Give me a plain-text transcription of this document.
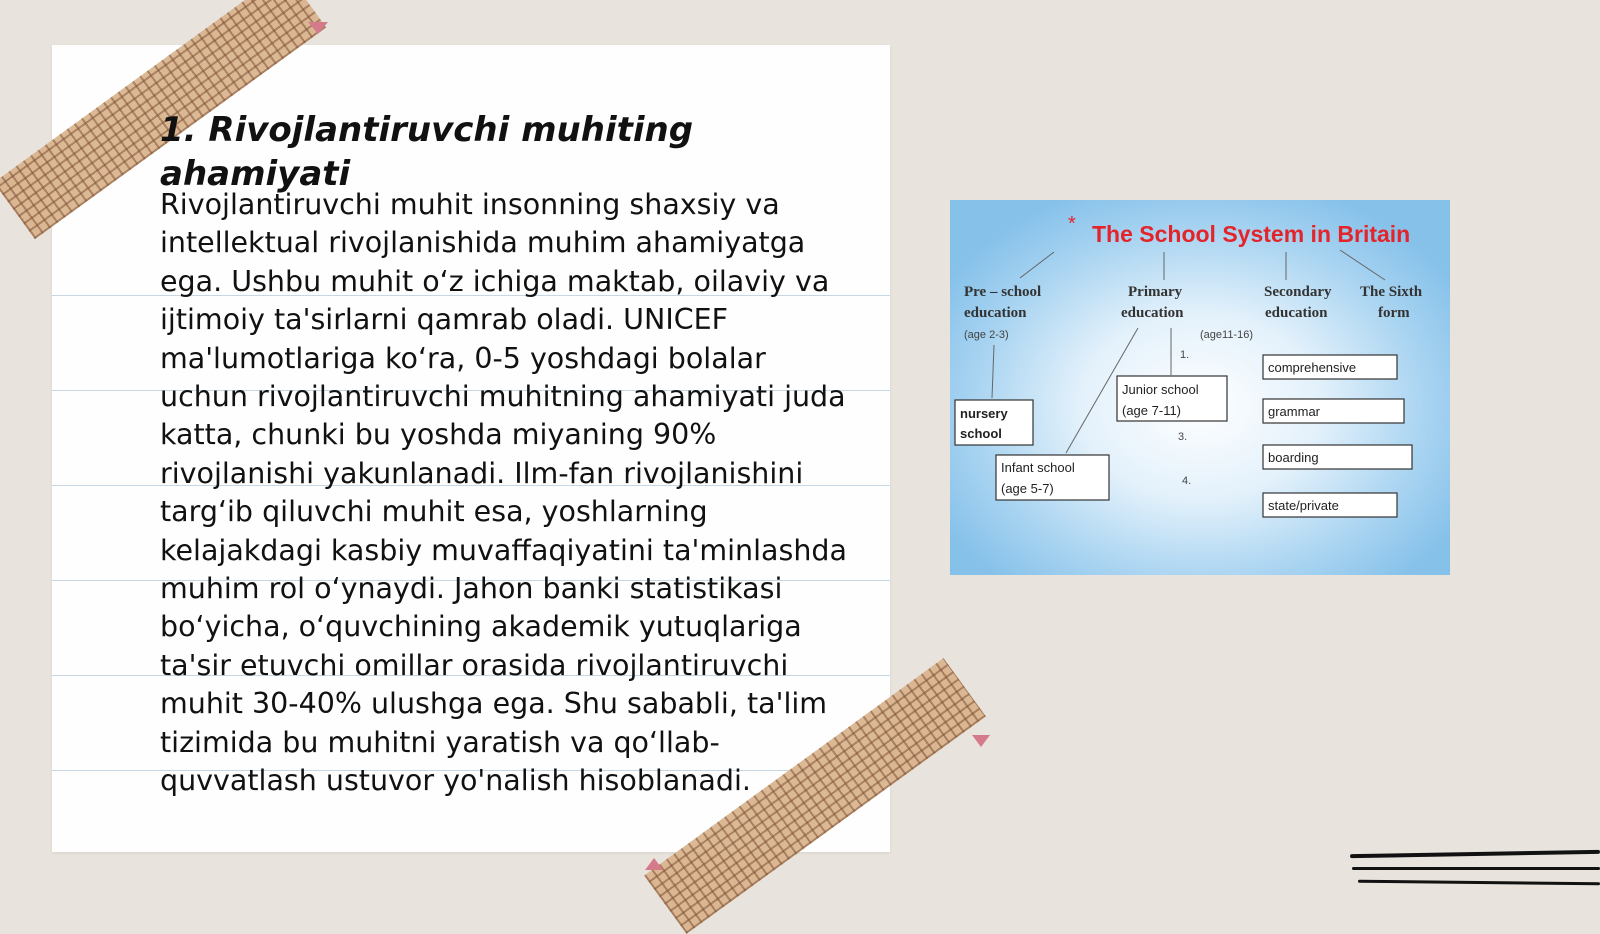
1. Rivojlantiruvchi muhiting ahamiyati

Rivojlantiruvchi muhit insonning shaxsiy va intellektual rivojlanishida muhim ahamiyatga ega. Ushbu muhit o‘z ichiga maktab, oilaviy va ijtimoiy ta'sirlarni qamrab oladi. UNICEF ma'lumotlariga ko‘ra, 0-5 yoshdagi bolalar uchun rivojlantiruvchi muhitning ahamiyati juda katta, chunki bu yoshda miyaning 90% rivojlanishi yakunlanadi. Ilm-fan rivojlanishini targ‘ib qiluvchi muhit esa, yoshlarning kelajakdagi kasbiy muvaffaqiyatini ta'minlashda muhim rol o‘ynaydi. Jahon banki statistikasi bo‘yicha, o‘quvchining akademik yutuqlariga ta'sir etuvchi omillar orasida rivojlantiruvchi muhit 30-40% ulushga ega. Shu sababli, ta'lim tizimida bu muhitni yaratish va qo‘llab-quvvatlash ustuvor yo'nalish hisoblanadi.

* The School System in Britain
Pre – school
education
Primary
education
Secondary
education
The Sixth
form
(age 2-3)	(age11-16)
1.
3.
4.
nursery
school
Infant school
(age 5-7)
Junior school
(age 7-11)
comprehensive
grammar
boarding
state/private
